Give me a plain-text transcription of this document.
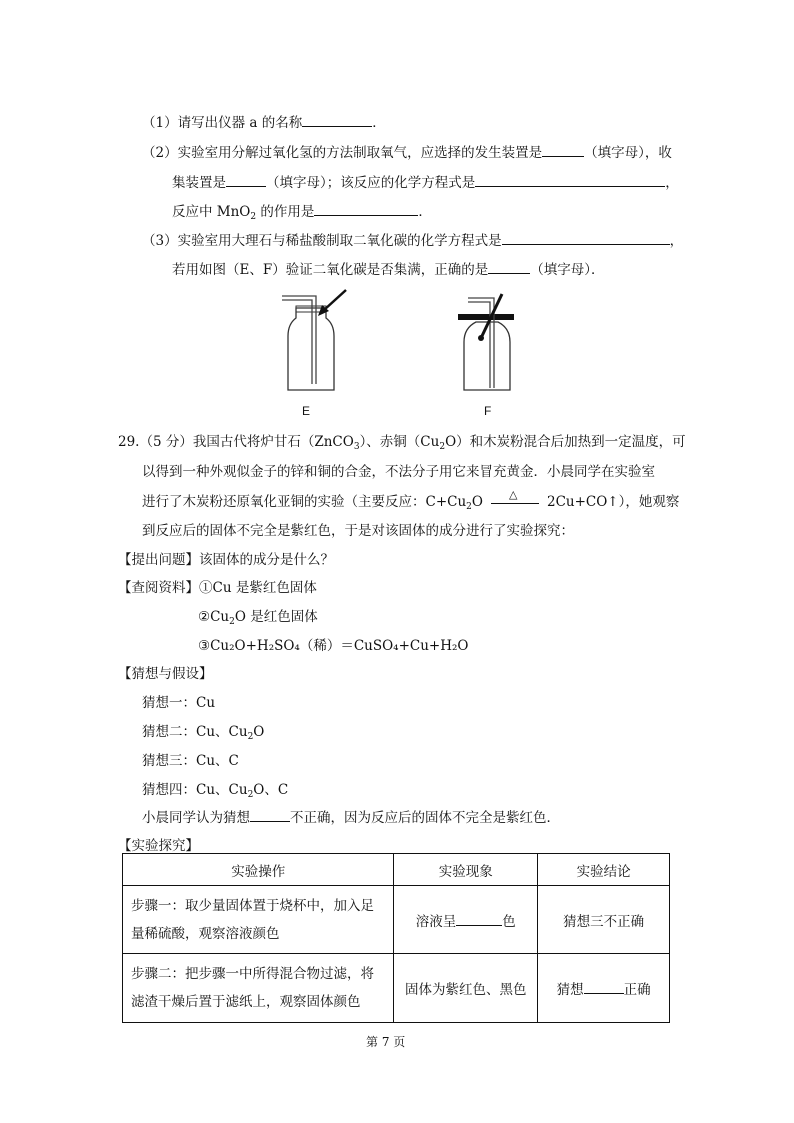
（1）请写出仪器 a 的名称	．
（2）实验室用分解过氧化氢的方法制取氧气，应选择的发生装置是	（填字母），收
集装置是	（填字母）；该反应的化学方程式是	，
反应中 MnO$_2$ 的作用是	．
（3）实验室用大理石与稀盐酸制取二氧化碳的化学方程式是	，
若用如图（E、F）验证二氧化碳是否集满，正确的是	（填字母）．
E	F
29.（5 分）我国古代将炉甘石（ZnCO$_3$）、赤铜$(Cu_2O)$和木炭粉混合后加热到一定温度，可
以得到一种外观似金子的锌和铜的合金，不法分子用它来冒充黄金．小晨同学在实验室
进行了木炭粉还原氧化亚铜的实验（主要反应：$C+Cu_2O$ △ 2Cu+CO↑），她观察
到反应后的固体不完全是紫红色，于是对该固体的成分进行了实验探究：
【提出问题】该固体的成分是什么？
【查阅资料】①Cu 是紫红色固体
$②Cu_2O$ 是红色固体
③Cu₂O+H₂SO₄（稀）＝CuSO₄+Cu+H₂O
【猜想与假设】
猜想一：Cu
猜想二：Cu、$Cu_2O$
猜想三：Cu、C
猜想四：Cu、$Cu_2O$、C
小晨同学认为猜想	不正确，因为反应后的固体不完全是紫红色．
【实验探究】
实验操作	实验现象	实验结论
步骤一：取少量固体置于烧杯中，加入足
量稀硫酸，观察溶液颜色	溶液呈 色	猜想三不正确
步骤二：把步骤一中所得混合物过滤，将
滤渣干燥后置于滤纸上，观察固体颜色	固体为紫红色、黑色	猜想 正确
第 7 页
